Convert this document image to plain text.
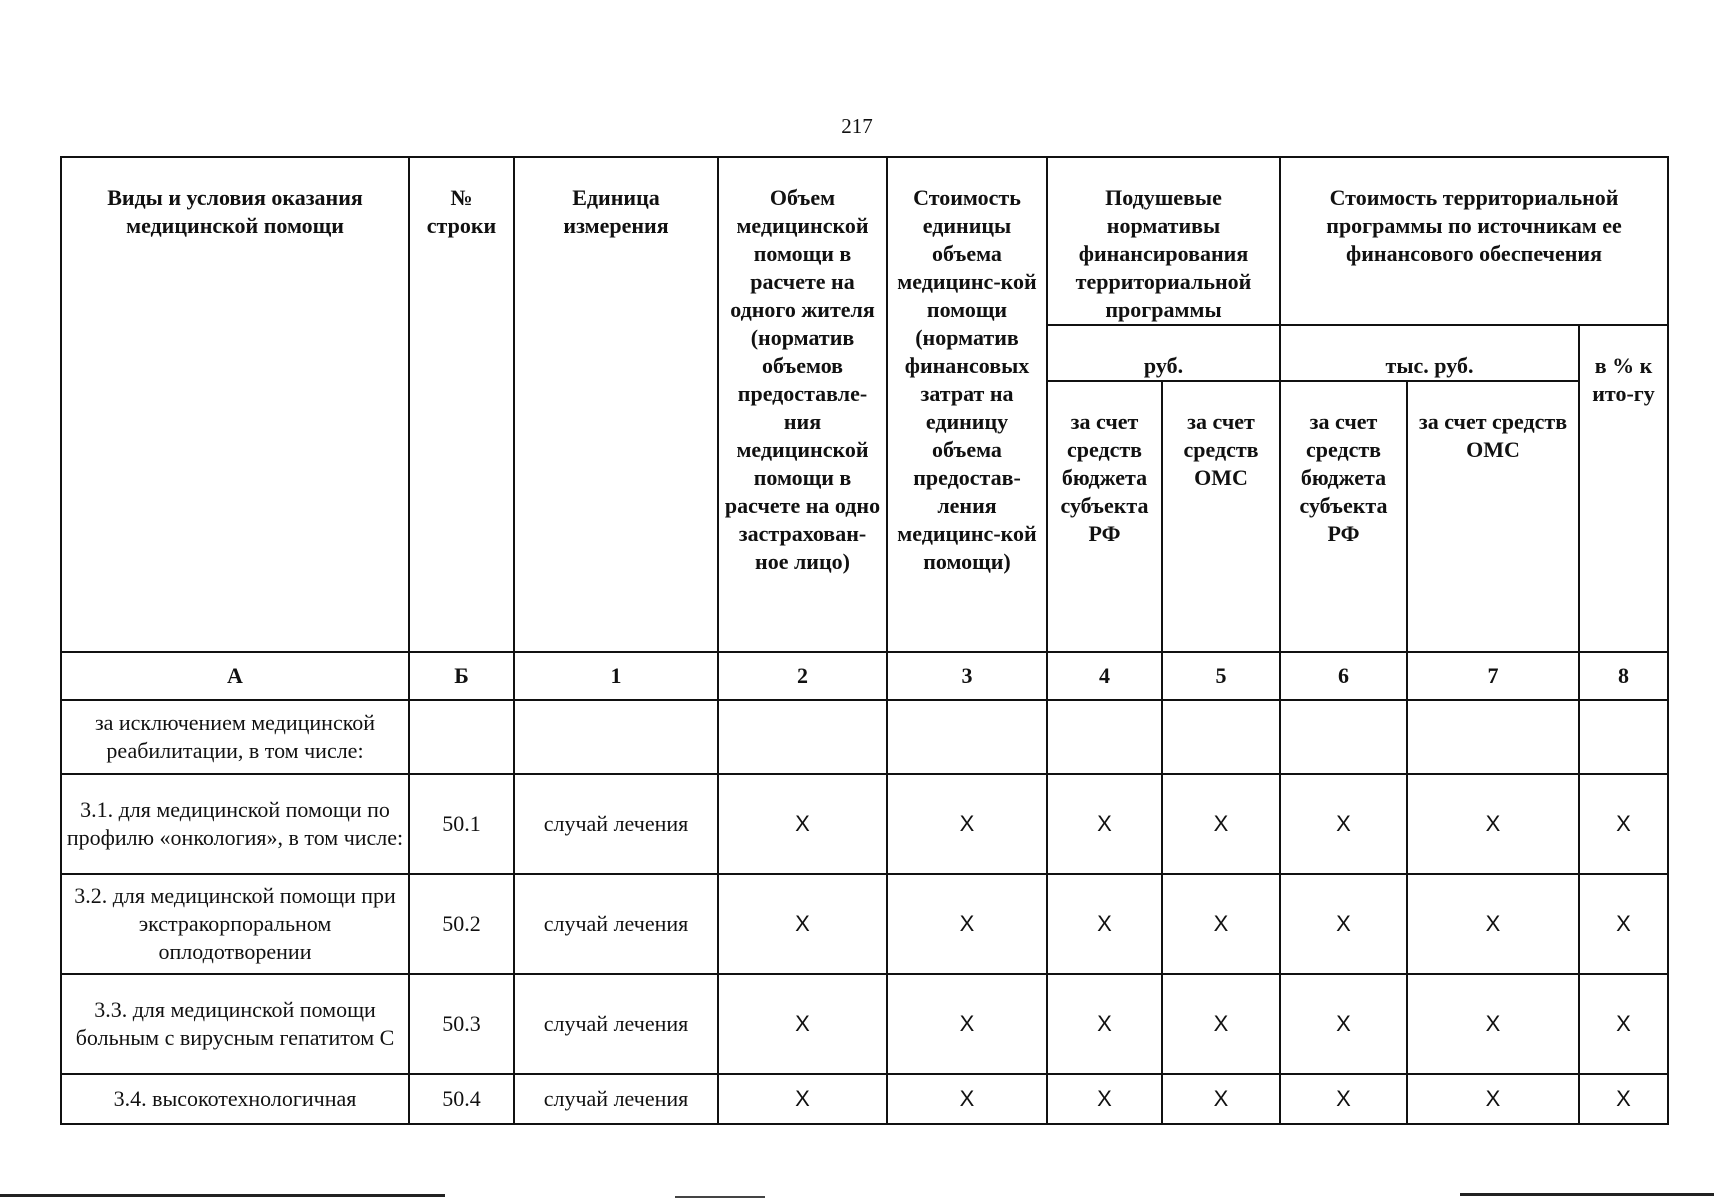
217
Виды и условия оказания медицинской помощи	№ строки	Единица измерения	Объем медицинской помощи в расчете на одного жителя (норматив объемов предоставле-ния медицинской помощи в расчете на одно застрахован-ное лицо)	Стоимость единицы объема медицинс-кой помощи (норматив финансовых затрат на единицу объема предостав-ления медицинс-кой помощи)	Подушевые нормативы финансирования территориальной программы		Стоимость территориальной программы по источникам ее финансового обеспечения		
					руб.		тыс. руб.		в % к ито-гу
					за счет средств бюджета субъекта РФ	за счет средств ОМС	за счет средств бюджета субъекта РФ	за счет средств ОМС	
А	Б	1	2	3	4	5	6	7	8
за исключением медицинской реабилитации, в том числе:									
3.1. для медицинской помощи по профилю «онкология», в том числе:	50.1	случай лечения	Х	Х	Х	Х	Х	Х	Х
3.2. для медицинской помощи при экстракорпоральном оплодотворении	50.2	случай лечения	Х	Х	Х	Х	Х	Х	Х
3.3. для медицинской помощи больным с вирусным гепатитом С	50.3	случай лечения	Х	Х	Х	Х	Х	Х	Х
3.4. высокотехнологичная	50.4	случай лечения	Х	Х	Х	Х	Х	Х	Х
